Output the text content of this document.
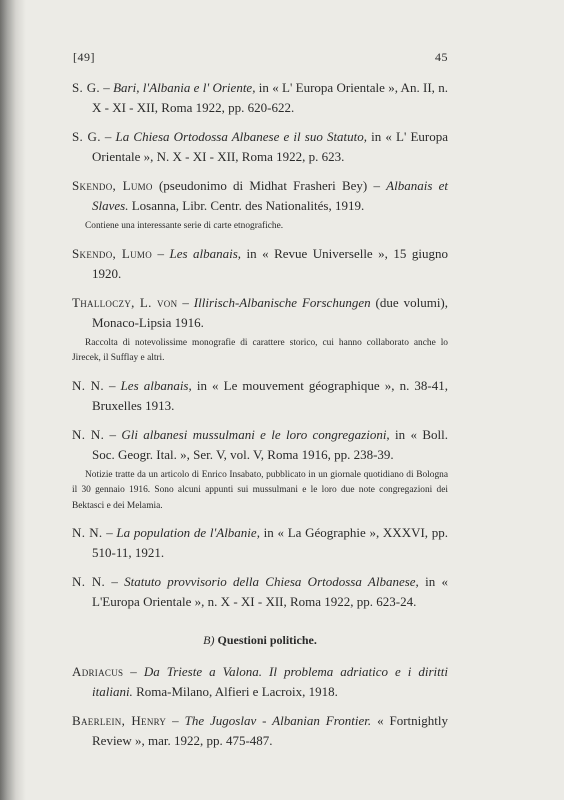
[49]	45
S. G. – Bari, l'Albania e l' Oriente, in « L' Europa Orientale », An. II, n. X - XI - XII, Roma 1922, pp. 620-622.
S. G. – La Chiesa Ortodossa Albanese e il suo Statuto, in « L' Europa Orientale », N. X - XI - XII, Roma 1922, p. 623.
Skendo, Lumo (pseudonimo di Midhat Frasheri Bey) – Albanais et Slaves. Losanna, Libr. Centr. des Nationalités, 1919.
Contiene una interessante serie di carte etnografiche.
Skendo, Lumo – Les albanais, in « Revue Universelle », 15 giugno 1920.
Thalloczy, L. von – Illirisch-Albanische Forschungen (due volumi), Monaco-Lipsia 1916.
Raccolta di notevolissime monografie di carattere storico, cui hanno collaborato anche lo Jirecek, il Sufflay e altri.
N. N. – Les albanais, in « Le mouvement géographique », n. 38-41, Bruxelles 1913.
N. N. – Gli albanesi mussulmani e le loro congregazioni, in « Boll. Soc. Geogr. Ital. », Ser. V, vol. V, Roma 1916, pp. 238-39.
Notizie tratte da un articolo di Enrico Insabato, pubblicato in un giornale quotidiano di Bologna il 30 gennaio 1916. Sono alcuni appunti sui mussulmani e le loro due note congregazioni dei Bektasci e dei Melamia.
N. N. – La population de l'Albanie, in « La Géographie », XXXVI, pp. 510-11, 1921.
N. N. – Statuto provvisorio della Chiesa Ortodossa Albanese, in « L'Europa Orientale », n. X - XI - XII, Roma 1922, pp. 623-24.
B) Questioni politiche.
Adriacus – Da Trieste a Valona. Il problema adriatico e i diritti italiani. Roma-Milano, Alfieri e Lacroix, 1918.
Baerlein, Henry – The Jugoslav - Albanian Frontier. « Fortnightly Review », mar. 1922, pp. 475-487.
